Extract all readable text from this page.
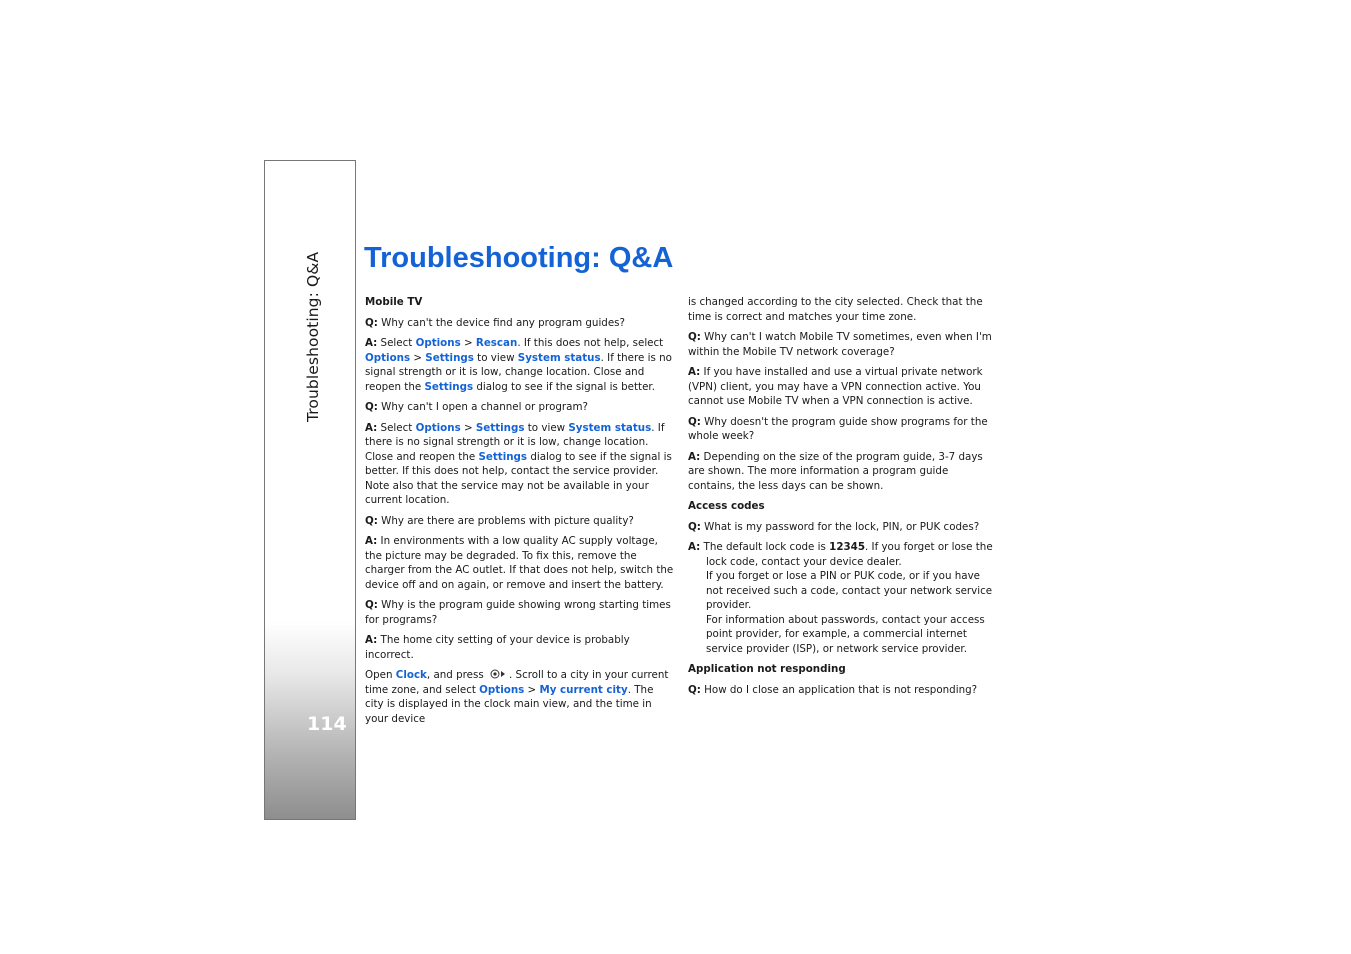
Troubleshooting: Q&A
114
Troubleshooting: Q&A
Mobile TV

Q: Why can't the device find any program guides?

A: Select Options > Rescan. If this does not help, select Options > Settings to view System status. If there is no signal strength or it is low, change location. Close and reopen the Settings dialog to see if the signal is better.

Q: Why can't I open a channel or program?

A: Select Options > Settings to view System status. If there is no signal strength or it is low, change location. Close and reopen the Settings dialog to see if the signal is better. If this does not help, contact the service provider. Note also that the service may not be available in your current location.

Q: Why are there are problems with picture quality?

A: In environments with a low quality AC supply voltage, the picture may be degraded. To fix this, remove the charger from the AC outlet. If that does not help, switch the device off and on again, or remove and insert the battery.

Q: Why is the program guide showing wrong starting times for programs?

A: The home city setting of your device is probably incorrect.

Open Clock, and press . Scroll to a city in your current time zone, and select Options > My current city. The city is displayed in the clock main view, and the time in your device

is changed according to the city selected. Check that the time is correct and matches your time zone.

Q: Why can't I watch Mobile TV sometimes, even when I'm within the Mobile TV network coverage?

A: If you have installed and use a virtual private network (VPN) client, you may have a VPN connection active. You cannot use Mobile TV when a VPN connection is active.

Q: Why doesn't the program guide show programs for the whole week?

A: Depending on the size of the program guide, 3-7 days are shown. The more information a program guide contains, the less days can be shown.

Access codes

Q: What is my password for the lock, PIN, or PUK codes?

A: The default lock code is 12345. If you forget or lose the lock code, contact your device dealer.

If you forget or lose a PIN or PUK code, or if you have not received such a code, contact your network service provider.

For information about passwords, contact your access point provider, for example, a commercial internet service provider (ISP), or network service provider.

Application not responding

Q: How do I close an application that is not responding?
